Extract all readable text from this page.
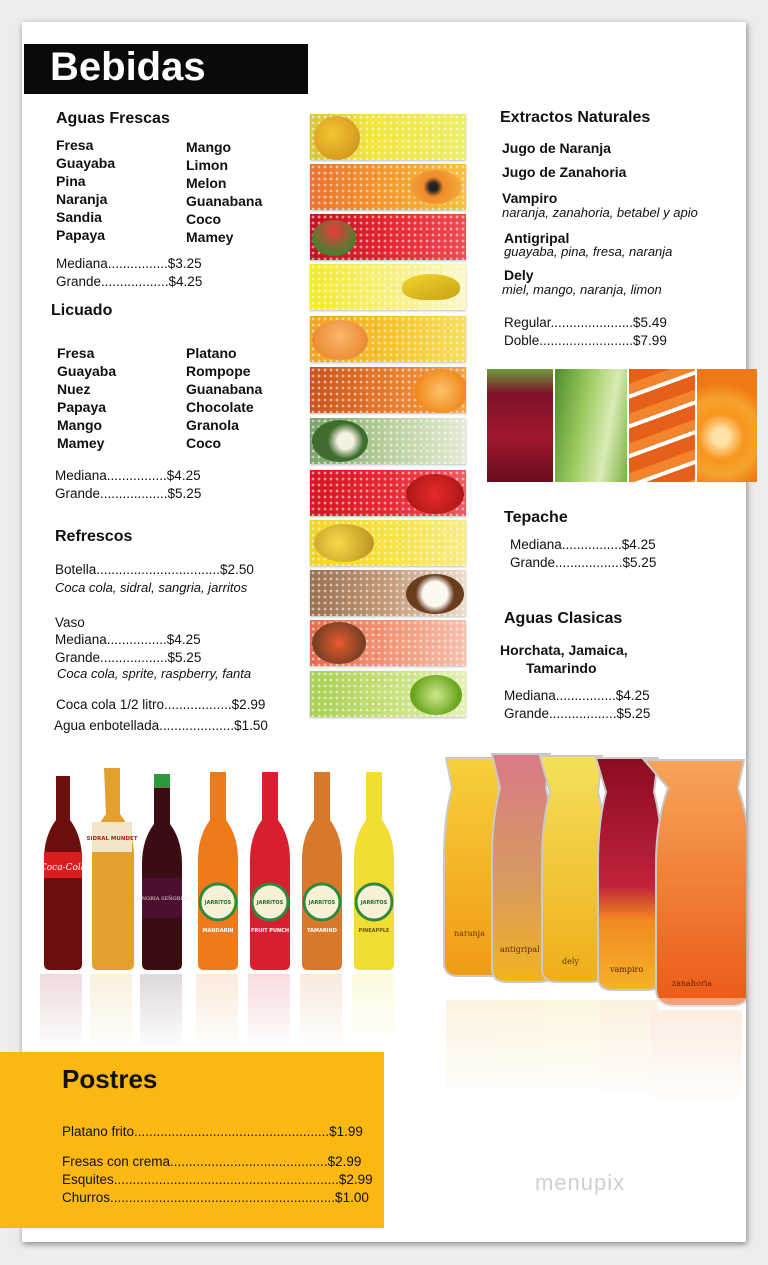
Bebidas
Aguas Frescas
Fresa
Guayaba
Pina
Naranja
Sandia
Papaya
Mango
Limon
Melon
Guanabana
Coco
Mamey
Mediana................$3.25
Grande..................$4.25
Licuado
Fresa
Guayaba
Nuez
Papaya
Mango
Mamey
Platano
Rompope
Guanabana
Chocolate
Granola
Coco
Mediana................$4.25
Grande..................$5.25
Refrescos
Botella.................................$2.50
Coca cola, sidral, sangria, jarritos
Vaso
Mediana................$4.25
Grande..................$5.25
Coca cola, sprite, raspberry, fanta
Coca cola 1/2 litro..................$2.99
Agua enbotellada....................$1.50
Extractos Naturales
Jugo de Naranja
Jugo de Zanahoria
Vampiro
naranja, zanahoria, betabel y apio
Antigripal
guayaba, pina, fresa, naranja
Dely
miel, mango, naranja, limon
Regular......................$5.49
Doble.........................$7.99
Tepache
Mediana................$4.25
Grande..................$5.25
Aguas Clasicas
Horchata, Jamaica,
Tamarindo
Mediana................$4.25
Grande..................$5.25
Coca-Cola
SIDRAL MUNDET
SANGRIA SEÑORIAL
JARRITOS
MANDARIN
JARRITOS
FRUIT PUNCH
JARRITOS
TAMARIND
JARRITOS
PINEAPPLE	naranja
antigripal
dely
vampiro
zanahoria
Postres
Platano frito....................................................$1.99
Fresas con crema..........................................$2.99
Esquites............................................................$2.99
Churros............................................................$1.00
menupix
